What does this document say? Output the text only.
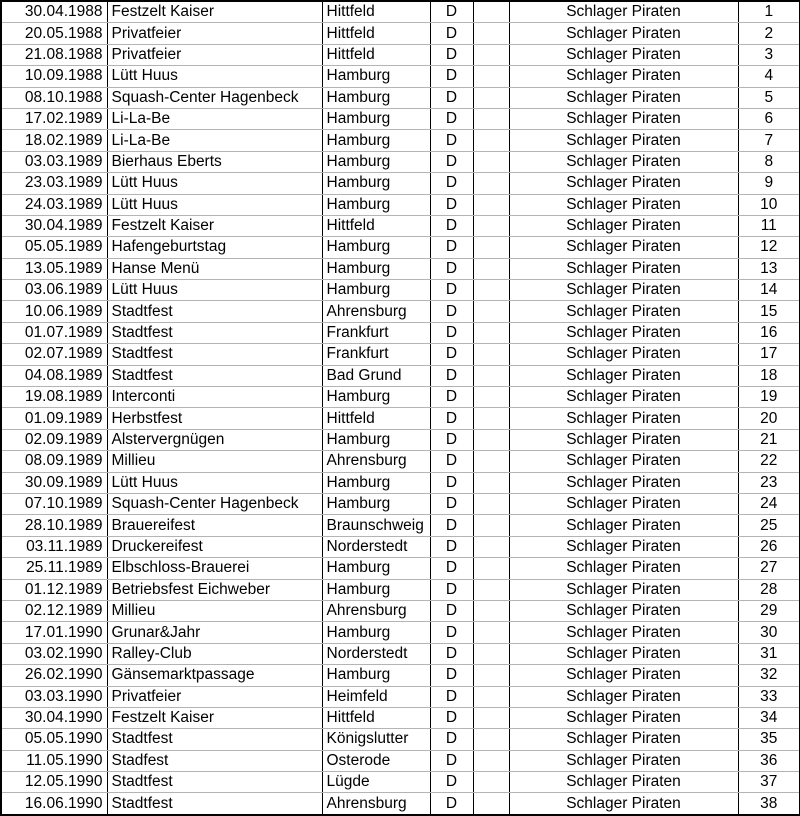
30.04.1988	Festzelt Kaiser	Hittfeld	D		Schlager Piraten	1
20.05.1988	Privatfeier	Hittfeld	D		Schlager Piraten	2
21.08.1988	Privatfeier	Hittfeld	D		Schlager Piraten	3
10.09.1988	Lütt Huus	Hamburg	D		Schlager Piraten	4
08.10.1988	Squash-Center Hagenbeck	Hamburg	D		Schlager Piraten	5
17.02.1989	Li-La-Be	Hamburg	D		Schlager Piraten	6
18.02.1989	Li-La-Be	Hamburg	D		Schlager Piraten	7
03.03.1989	Bierhaus Eberts	Hamburg	D		Schlager Piraten	8
23.03.1989	Lütt Huus	Hamburg	D		Schlager Piraten	9
24.03.1989	Lütt Huus	Hamburg	D		Schlager Piraten	10
30.04.1989	Festzelt Kaiser	Hittfeld	D		Schlager Piraten	11
05.05.1989	Hafengeburtstag	Hamburg	D		Schlager Piraten	12
13.05.1989	Hanse Menü	Hamburg	D		Schlager Piraten	13
03.06.1989	Lütt Huus	Hamburg	D		Schlager Piraten	14
10.06.1989	Stadtfest	Ahrensburg	D		Schlager Piraten	15
01.07.1989	Stadtfest	Frankfurt	D		Schlager Piraten	16
02.07.1989	Stadtfest	Frankfurt	D		Schlager Piraten	17
04.08.1989	Stadtfest	Bad Grund	D		Schlager Piraten	18
19.08.1989	Interconti	Hamburg	D		Schlager Piraten	19
01.09.1989	Herbstfest	Hittfeld	D		Schlager Piraten	20
02.09.1989	Alstervergnügen	Hamburg	D		Schlager Piraten	21
08.09.1989	Millieu	Ahrensburg	D		Schlager Piraten	22
30.09.1989	Lütt Huus	Hamburg	D		Schlager Piraten	23
07.10.1989	Squash-Center Hagenbeck	Hamburg	D		Schlager Piraten	24
28.10.1989	Brauereifest	Braunschweig	D		Schlager Piraten	25
03.11.1989	Druckereifest	Norderstedt	D		Schlager Piraten	26
25.11.1989	Elbschloss-Brauerei	Hamburg	D		Schlager Piraten	27
01.12.1989	Betriebsfest Eichweber	Hamburg	D		Schlager Piraten	28
02.12.1989	Millieu	Ahrensburg	D		Schlager Piraten	29
17.01.1990	Grunar&Jahr	Hamburg	D		Schlager Piraten	30
03.02.1990	Ralley-Club	Norderstedt	D		Schlager Piraten	31
26.02.1990	Gänsemarktpassage	Hamburg	D		Schlager Piraten	32
03.03.1990	Privatfeier	Heimfeld	D		Schlager Piraten	33
30.04.1990	Festzelt Kaiser	Hittfeld	D		Schlager Piraten	34
05.05.1990	Stadtfest	Königslutter	D		Schlager Piraten	35
11.05.1990	Stadfest	Osterode	D		Schlager Piraten	36
12.05.1990	Stadtfest	Lügde	D		Schlager Piraten	37
16.06.1990	Stadtfest	Ahrensburg	D		Schlager Piraten	38
